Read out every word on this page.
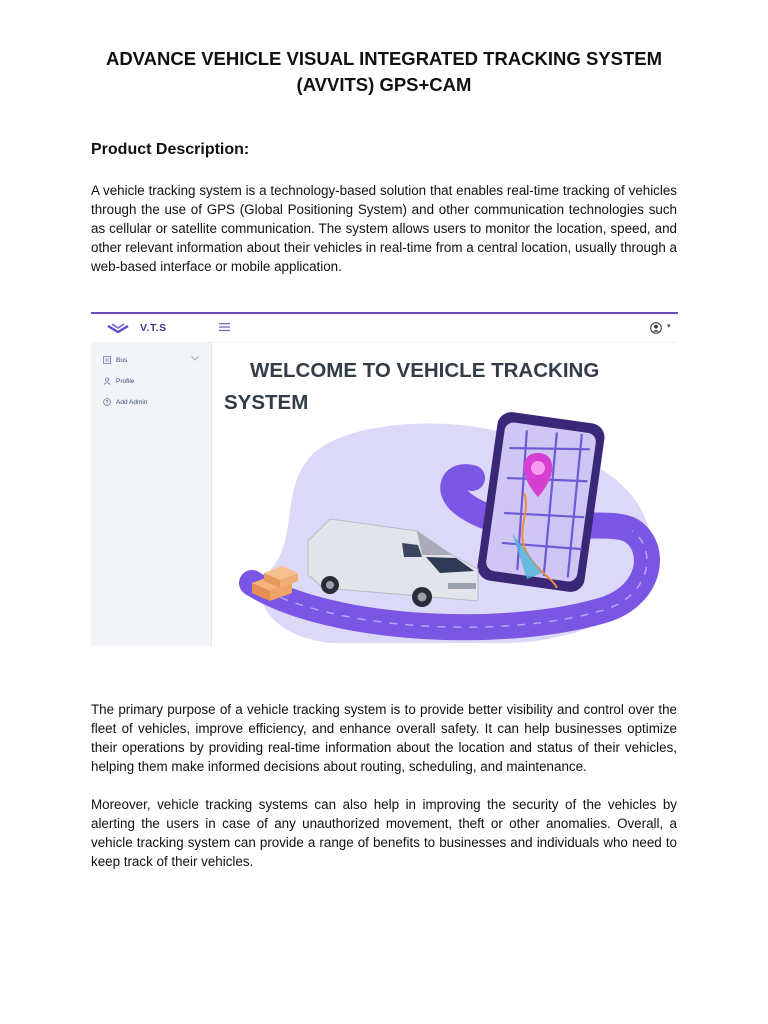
ADVANCE VEHICLE VISUAL INTEGRATED TRACKING SYSTEM
(AVVITS) GPS+CAM
Product Description:

A vehicle tracking system is a technology-based solution that enables real-time tracking of vehicles through the use of GPS (Global Positioning System) and other communication technologies such as cellular or satellite communication. The system allows users to monitor the location, speed, and other relevant information about their vehicles in real-time from a central location, usually through a web-based interface or mobile application.

V.T.S	▾
Bus
Profile
Add Admin
WELCOME TO VEHICLE TRACKING
SYSTEM

The primary purpose of a vehicle tracking system is to provide better visibility and control over the fleet of vehicles, improve efficiency, and enhance overall safety. It can help businesses optimize their operations by providing real-time information about the location and status of their vehicles, helping them make informed decisions about routing, scheduling, and maintenance.

Moreover, vehicle tracking systems can also help in improving the security of the vehicles by alerting the users in case of any unauthorized movement, theft or other anomalies. Overall, a vehicle tracking system can provide a range of benefits to businesses and individuals who need to keep track of their vehicles.
